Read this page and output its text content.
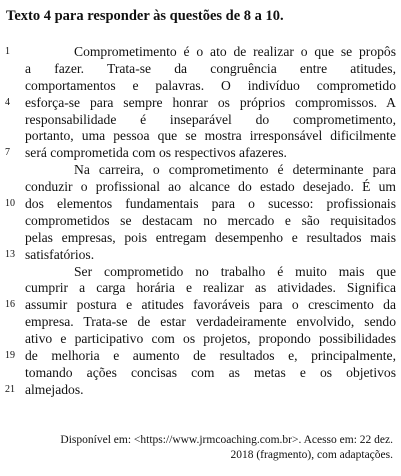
Texto 4 para responder às questões de 8 a 10.
1	Comprometimento é o ato de realizar o que se propôs
a fazer. Trata-se da congruência entre atitudes,
comportamentos e palavras. O indivíduo comprometido
4 esforça-se para sempre honrar os próprios compromissos. A
responsabilidade é inseparável do comprometimento,
portanto, uma pessoa que se mostra irresponsável dificilmente
7 será comprometida com os respectivos afazeres.
Na carreira, o comprometimento é determinante para
conduzir o profissional ao alcance do estado desejado. É um
10 dos elementos fundamentais para o sucesso: profissionais
comprometidos se destacam no mercado e são requisitados
pelas empresas, pois entregam desempenho e resultados mais
13 satisfatórios.
Ser comprometido no trabalho é muito mais que
cumprir a carga horária e realizar as atividades. Significa
16 assumir postura e atitudes favoráveis para o crescimento da
empresa. Trata-se de estar verdadeiramente envolvido, sendo
ativo e participativo com os projetos, propondo possibilidades
19 de melhoria e aumento de resultados e, principalmente,
tomando ações concisas com as metas e os objetivos
21 almejados.
Disponível em: <https://www.jrmcoaching.com.br>. Acesso em: 22 dez.
2018 (fragmento), com adaptações.
